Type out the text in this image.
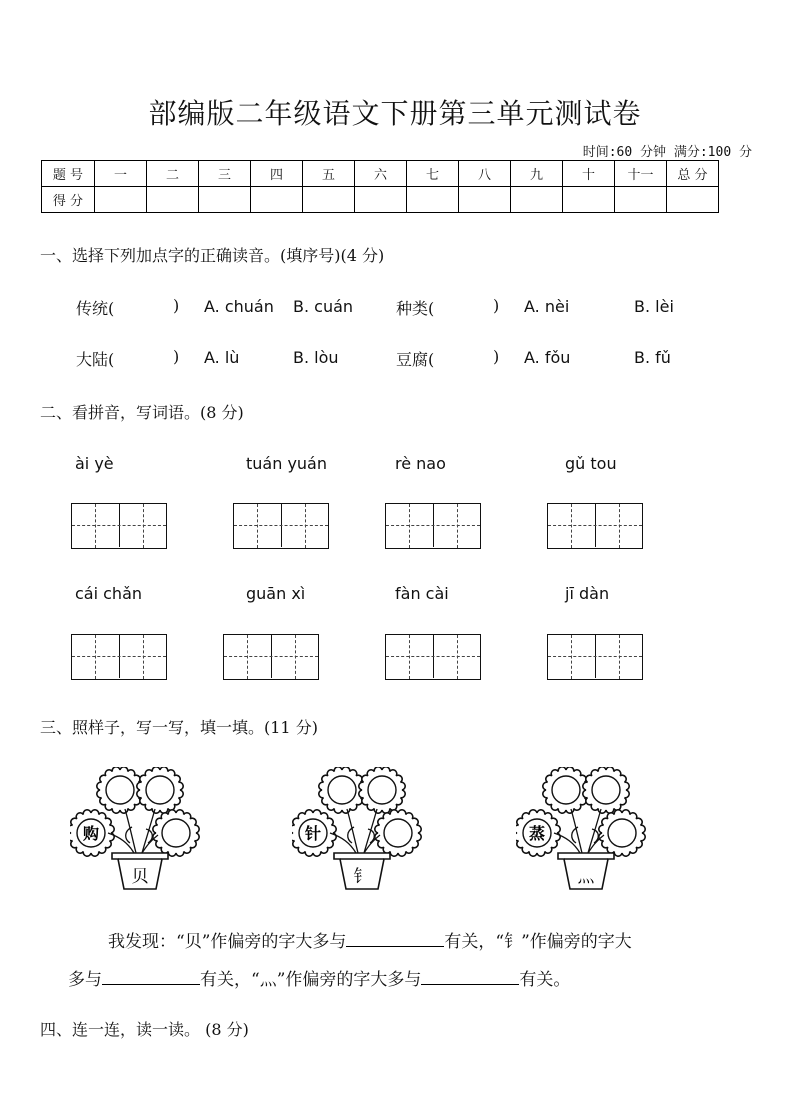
部编版二年级语文下册第三单元测试卷
时间:60 分钟 满分:100 分
题 号	一	二	三	四	五	六	七	八	九	十	十一	总 分
得 分												
一、选择下列加点字的正确读音。(填序号)(4 分)
传统(	) A. chuán B. cuán	种类(	) A. nèi	B. lèi
大陆(	) A. lù	B. lòu	豆腐(	) A. fǒu	B. fǔ
二、看拼音，写词语。(8 分)
ài yè	tuán yuán	rè nao	gǔ tou
cái chǎn	guān xì	fàn cài	jī dàn
三、照样子，写一写，填一填。(11 分)
购
贝
针
钅
蒸
灬
我发现：“贝”作偏旁的字大多与	有关，“钅”作偏旁的字大
多与	有关，“灬”作偏旁的字大多与	有关。
四、连一连，读一读。 (8 分)
